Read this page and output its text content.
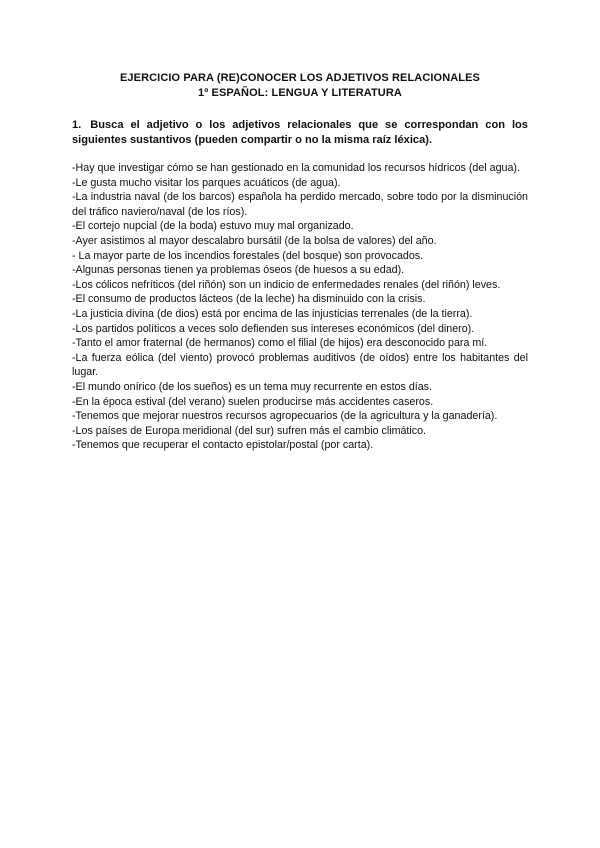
EJERCICIO PARA (RE)CONOCER LOS ADJETIVOS RELACIONALES
1º ESPAÑOL: LENGUA Y LITERATURA
1. Busca el adjetivo o los adjetivos relacionales que se correspondan con los siguientes sustantivos (pueden compartir o no la misma raíz léxica).
-Hay que investigar cómo se han gestionado en la comunidad los recursos hídricos (del agua).
-Le gusta mucho visitar los parques acuáticos (de agua).
-La industria naval (de los barcos) española ha perdido mercado, sobre todo por la disminución del tráfico naviero/naval (de los ríos).
-El cortejo nupcial (de la boda) estuvo muy mal organizado.
-Ayer asistimos al mayor descalabro bursátil (de la bolsa de valores) del año.
- La mayor parte de los incendios forestales (del bosque) son provocados.
-Algunas personas tienen ya problemas óseos (de huesos a su edad).
-Los cólicos nefríticos (del riñón) son un indicio de enfermedades renales (del riñón) leves.
-El consumo de productos lácteos (de la leche) ha disminuido con la crisis.
-La justicia divina (de dios) está por encima de las injusticias terrenales (de la tierra).
-Los partidos políticos a veces solo defienden sus intereses económicos (del dinero).
-Tanto el amor fraternal (de hermanos) como el filial (de hijos) era desconocido para mí.
-La fuerza eólica (del viento) provocó problemas auditivos (de oídos) entre los habitantes del lugar.
-El mundo onírico (de los sueños) es un tema muy recurrente en estos días.
-En la época estival (del verano) suelen producirse más accidentes caseros.
-Tenemos que mejorar nuestros recursos agropecuarios (de la agricultura y la ganadería).
-Los países de Europa meridional (del sur) sufren más el cambio climático.
-Tenemos que recuperar el contacto epistolar/postal (por carta).
